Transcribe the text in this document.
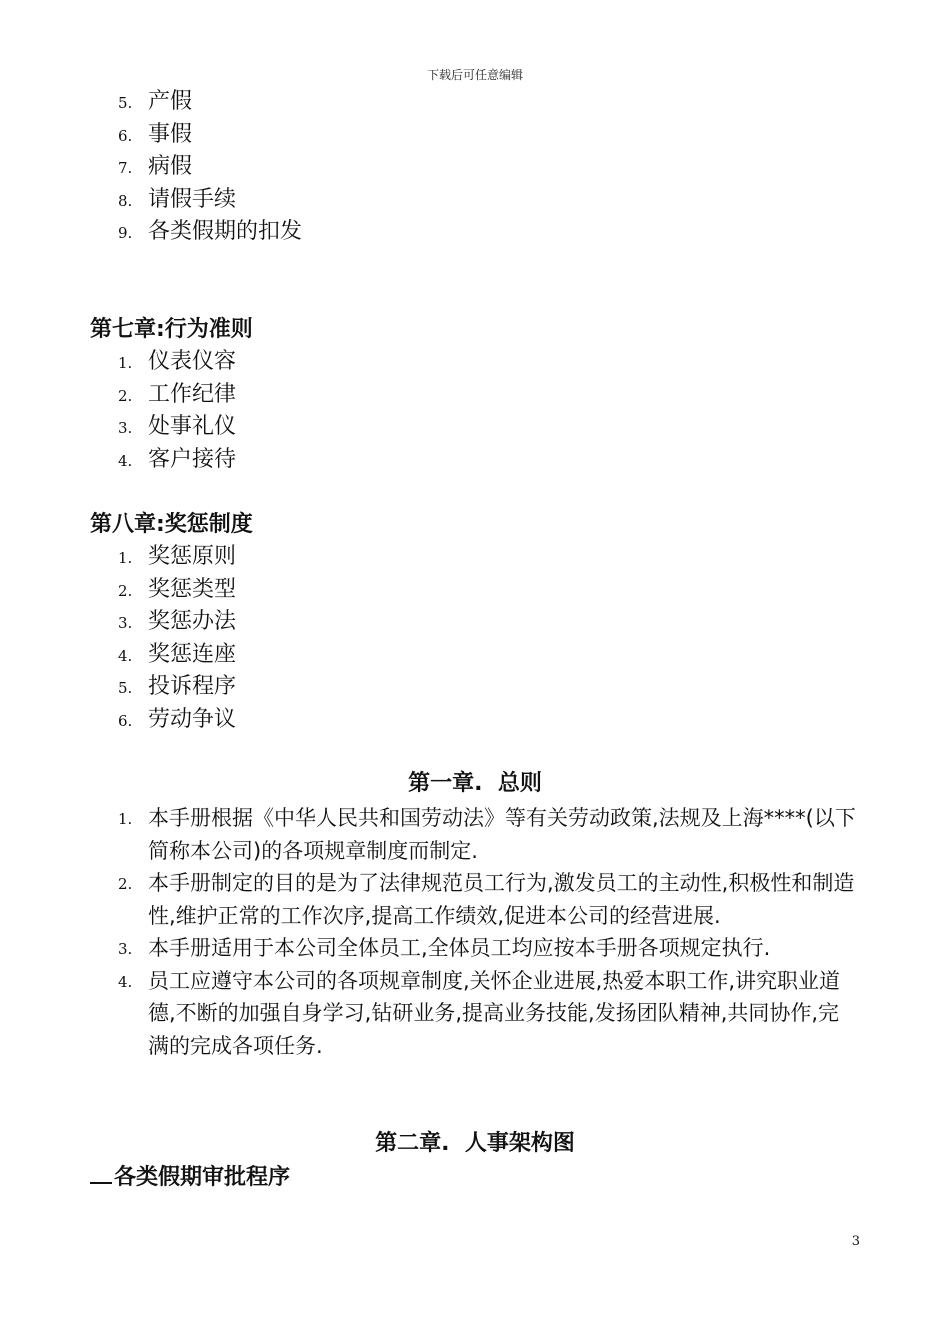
下载后可任意编辑
5. 产假
6. 事假
7. 病假
8. 请假手续
9. 各类假期的扣发
第七章:行为准则
1. 仪表仪容
2. 工作纪律
3. 处事礼仪
4. 客户接待
第八章:奖惩制度
1. 奖惩原则
2. 奖惩类型
3. 奖惩办法
4. 奖惩连座
5. 投诉程序
6. 劳动争议
第一章.  总则
1. 本手册根据《中华人民共和国劳动法》等有关劳动政策,法规及上海****(以下简称本公司)的各项规章制度而制定.
2. 本手册制定的目的是为了法律规范员工行为,激发员工的主动性,积极性和制造性,维护正常的工作次序,提高工作绩效,促进本公司的经营进展.
3. 本手册适用于本公司全体员工,全体员工均应按本手册各项规定执行.
4. 员工应遵守本公司的各项规章制度,关怀企业进展,热爱本职工作,讲究职业道德,不断的加强自身学习,钻研业务,提高业务技能,发扬团队精神,共同协作,完满的完成各项任务.
第二章.  人事架构图
各类假期审批程序
3
